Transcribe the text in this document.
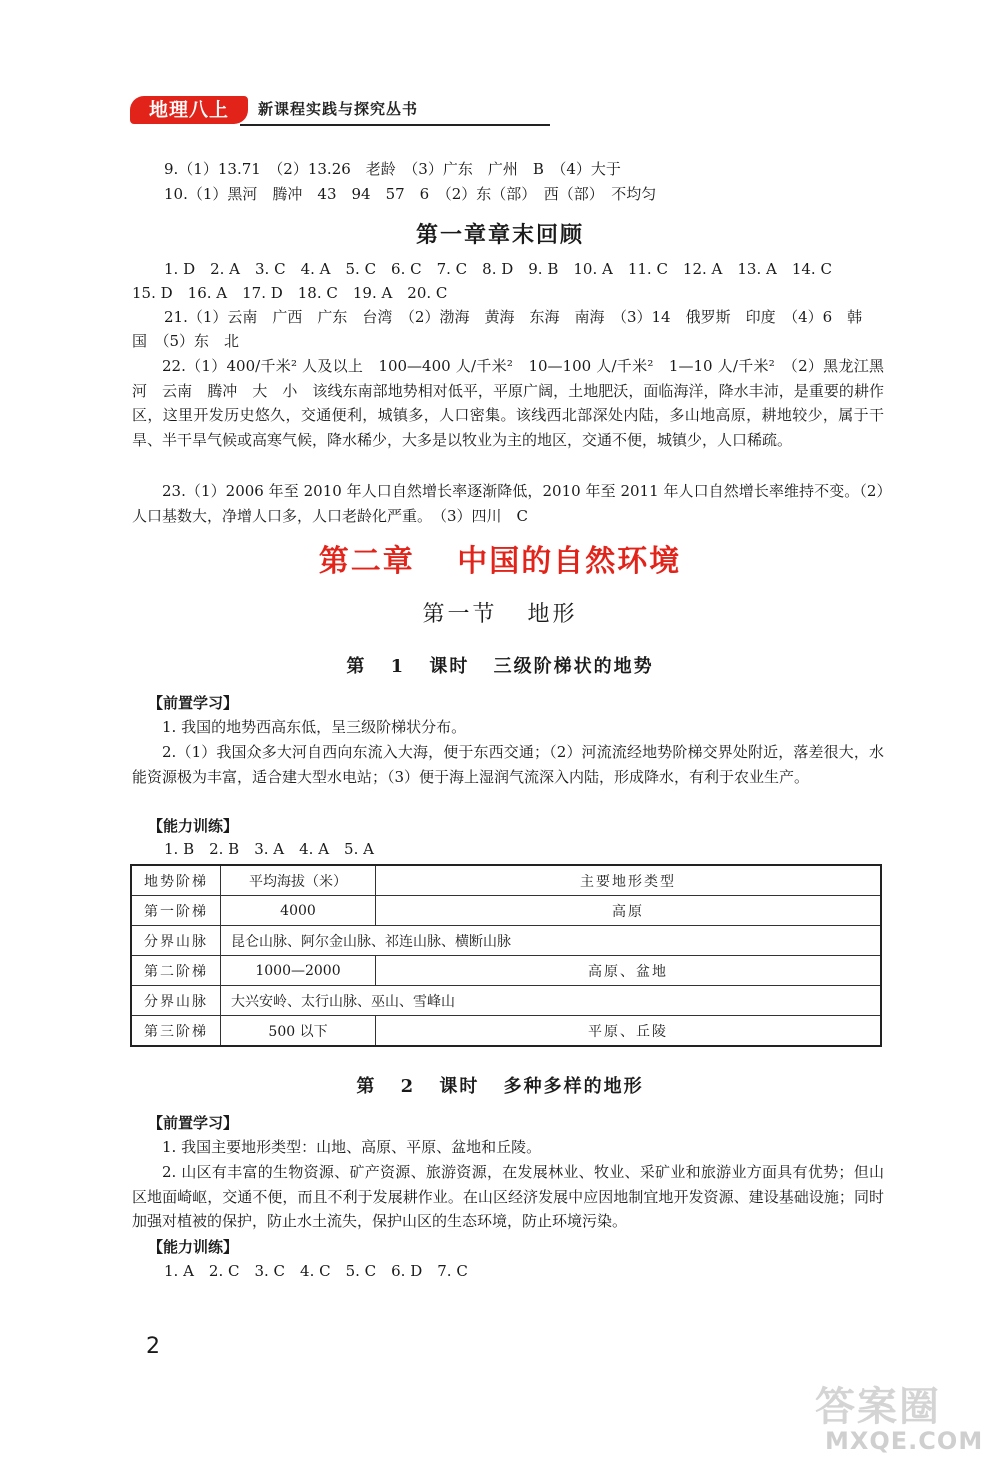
地理八上	新课程实践与探究丛书
9.（1）13.71　（2）13.26　老龄　（3）广东　广州　B　（4）大于
10.（1）黑河　腾冲　43　94　57　6　（2）东（部）　西（部）　不均匀
第一章章末回顾
1. D　2. A　3. C　4. A　5. C　6. C　7. C　8. D　9. B　10. A　11. C　12. A　13. A　14. C
15. D　16. A　17. D　18. C　19. A　20. C
21.（1）云南　广西　广东　台湾　（2）渤海　黄海　东海　南海　（3）14　俄罗斯　印度　（4）6　韩
国　（5）东　北
22.（1）400/千米² 人及以上　100—400 人/千米²　10—100 人/千米²　1—10 人/千米²　（2）黑龙江黑河　云南　腾冲　大　小　该线东南部地势相对低平，平原广阔，土地肥沃，面临海洋，降水丰沛，是重要的耕作区，这里开发历史悠久，交通便利，城镇多，人口密集。该线西北部深处内陆，多山地高原，耕地较少，属于干旱、半干旱气候或高寒气候，降水稀少，大多是以牧业为主的地区，交通不便，城镇少，人口稀疏。
23.（1）2006 年至 2010 年人口自然增长率逐渐降低，2010 年至 2011 年人口自然增长率维持不变。（2）人口基数大，净增人口多，人口老龄化严重。　（3）四川　C
第二章 中国的自然环境
第一节 地形
第 1 课时 三级阶梯状的地势
【前置学习】
1. 我国的地势西高东低，呈三级阶梯状分布。
2.（1）我国众多大河自西向东流入大海，便于东西交通；（2）河流流经地势阶梯交界处附近，落差很大，水能资源极为丰富，适合建大型水电站；（3）便于海上湿润气流深入内陆，形成降水，有利于农业生产。
【能力训练】
1. B　2. B　3. A　4. A　5. A
地势阶梯	平均海拔（米）	主要地形类型
第一阶梯	4000	高原
分界山脉	昆仑山脉、阿尔金山脉、祁连山脉、横断山脉	
第二阶梯	1000—2000	高原、盆地
分界山脉	大兴安岭、太行山脉、巫山、雪峰山	
第三阶梯	500 以下	平原、丘陵
第 2 课时 多种多样的地形
【前置学习】
1. 我国主要地形类型：山地、高原、平原、盆地和丘陵。
2. 山区有丰富的生物资源、矿产资源、旅游资源，在发展林业、牧业、采矿业和旅游业方面具有优势；但山区地面崎岖，交通不便，而且不利于发展耕作业。在山区经济发展中应因地制宜地开发资源、建设基础设施；同时加强对植被的保护，防止水土流失，保护山区的生态环境，防止环境污染。
【能力训练】
1. A　2. C　3. C　4. C　5. C　6. D　7. C
2
答案圈
MXQE.COM
